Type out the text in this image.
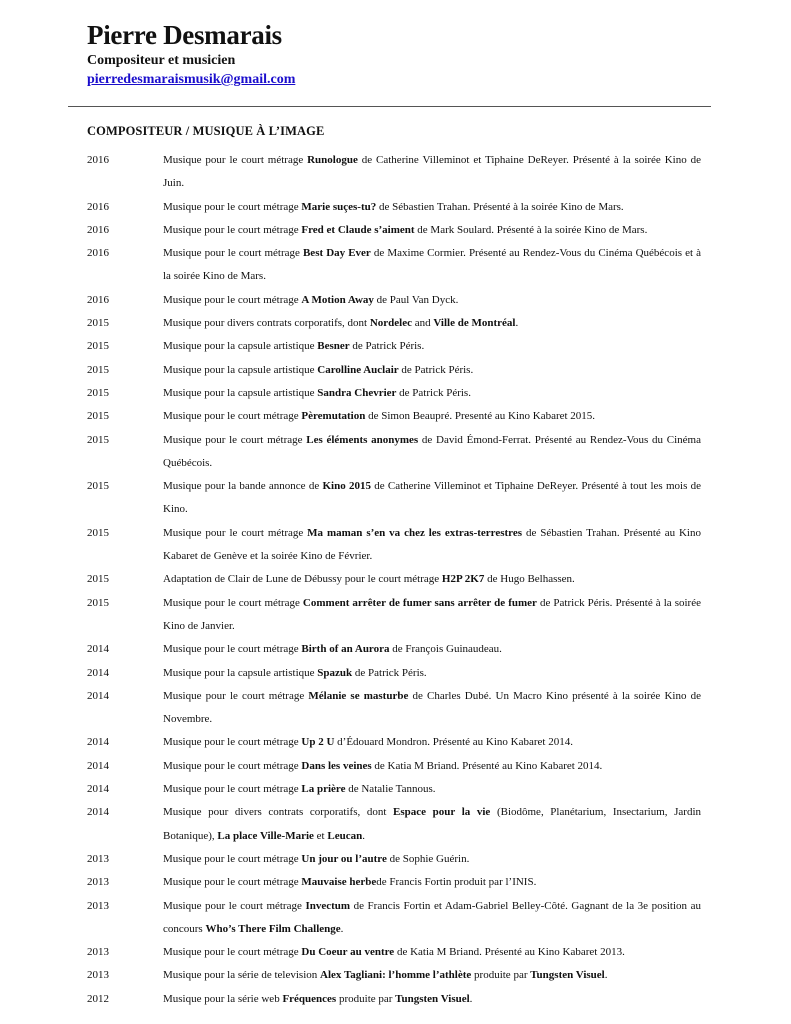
Pierre Desmarais
Compositeur et musicien
pierredesmaraismusik@gmail.com
COMPOSITEUR / MUSIQUE À L’IMAGE
2016	Musique pour le court métrage Runologue de Catherine Villeminot et Tiphaine DeReyer. Présenté à la soirée Kino de Juin.
2016	Musique pour le court métrage Marie suçes-tu? de Sébastien Trahan. Présenté à la soirée Kino de Mars.
2016	Musique pour le court métrage Fred et Claude s’aiment de Mark Soulard. Présenté à la soirée Kino de Mars.
2016	Musique pour le court métrage Best Day Ever de Maxime Cormier. Présenté au Rendez-Vous du Cinéma Québécois et à la soirée Kino de Mars.
2016	Musique pour le court métrage A Motion Away de Paul Van Dyck.
2015	Musique pour divers contrats corporatifs, dont Nordelec and Ville de Montréal.
2015	Musique pour la capsule artistique Besner de Patrick Péris.
2015	Musique pour la capsule artistique Carolline Auclair de Patrick Péris.
2015	Musique pour la capsule artistique Sandra Chevrier de Patrick Péris.
2015	Musique pour le court métrage Pèremutation de Simon Beaupré. Presenté au Kino Kabaret 2015.
2015	Musique pour le court métrage Les éléments anonymes de David Émond-Ferrat. Présenté au Rendez-Vous du Cinéma Québécois.
2015	Musique pour la bande annonce de Kino 2015 de Catherine Villeminot et Tiphaine DeReyer. Présenté à tout les mois de Kino.
2015	Musique pour le court métrage Ma maman s’en va chez les extras-terrestres de Sébastien Trahan. Présenté au Kino Kabaret de Genève et la soirée Kino de Février.
2015	Adaptation de Clair de Lune de Débussy pour le court métrage H2P 2K7 de Hugo Belhassen.
2015	Musique pour le court métrage Comment arrêter de fumer sans arrêter de fumer de Patrick Péris. Présenté à la soirée Kino de Janvier.
2014	Musique pour le court métrage Birth of an Aurora de François Guinaudeau.
2014	Musique pour la capsule artistique Spazuk de Patrick Péris.
2014	Musique pour le court métrage Mélanie se masturbe de Charles Dubé. Un Macro Kino présenté à la soirée Kino de Novembre.
2014	Musique pour le court métrage Up 2 U d’Édouard Mondron. Présenté au Kino Kabaret 2014.
2014	Musique pour le court métrage Dans les veines de Katia M Briand. Présenté au Kino Kabaret 2014.
2014	Musique pour le court métrage La prière de Natalie Tannous.
2014	Musique pour divers contrats corporatifs, dont Espace pour la vie (Biodôme, Planétarium, Insectarium, Jardin Botanique), La place Ville-Marie et Leucan.
2013	Musique pour le court métrage Un jour ou l’autre de Sophie Guérin.
2013	Musique pour le court métrage Mauvaise herbede Francis Fortin produit par l’INIS.
2013	Musique pour le court métrage Invectum de Francis Fortin et Adam-Gabriel Belley-Côté. Gagnant de la 3e position au concours Who’s There Film Challenge.
2013	Musique pour le court métrage Du Coeur au ventre de Katia M Briand. Présenté au Kino Kabaret 2013.
2013	Musique pour la série de television Alex Tagliani: l’homme l’athlète produite par Tungsten Visuel.
2012	Musique pour la série web Fréquences produite par Tungsten Visuel.
